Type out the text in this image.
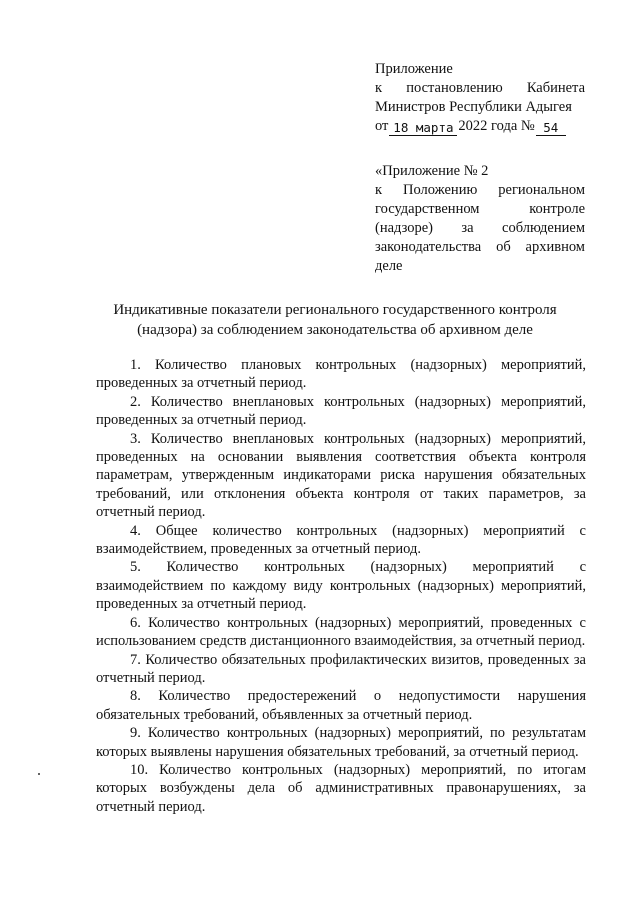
Приложение
к постановлению Кабинета
Министров Республики Адыгея
от 18 марта 2022 года № 54
«Приложение № 2
к Положению региональном
государственном	контроле
(надзоре) за соблюдением
законодательства об архивном
деле
Индикативные показатели регионального государственного контроля
(надзора) за соблюдением законодательства об архивном деле

1. Количество плановых контрольных (надзорных) мероприятий, проведенных за отчетный период.

2. Количество внеплановых контрольных (надзорных) мероприятий, проведенных за отчетный период.

3. Количество внеплановых контрольных (надзорных) мероприятий, проведенных на основании выявления соответствия объекта контроля параметрам, утвержденным индикаторами риска нарушения обязательных требований, или отклонения объекта контроля от таких параметров, за отчетный период.

4. Общее количество контрольных (надзорных) мероприятий с взаимодействием, проведенных за отчетный период.

5. Количество контрольных (надзорных) мероприятий с взаимодействием по каждому виду контрольных (надзорных) мероприятий, проведенных за отчетный период.

6. Количество контрольных (надзорных) мероприятий, проведенных с использованием средств дистанционного взаимодействия, за отчетный период.

7. Количество обязательных профилактических визитов, проведенных за отчетный период.

8. Количество предостережений о недопустимости нарушения обязательных требований, объявленных за отчетный период.

9. Количество контрольных (надзорных) мероприятий, по результатам которых выявлены нарушения обязательных требований, за отчетный период.

10. Количество контрольных (надзорных) мероприятий, по итогам которых возбуждены дела об административных правонарушениях, за отчетный период.
